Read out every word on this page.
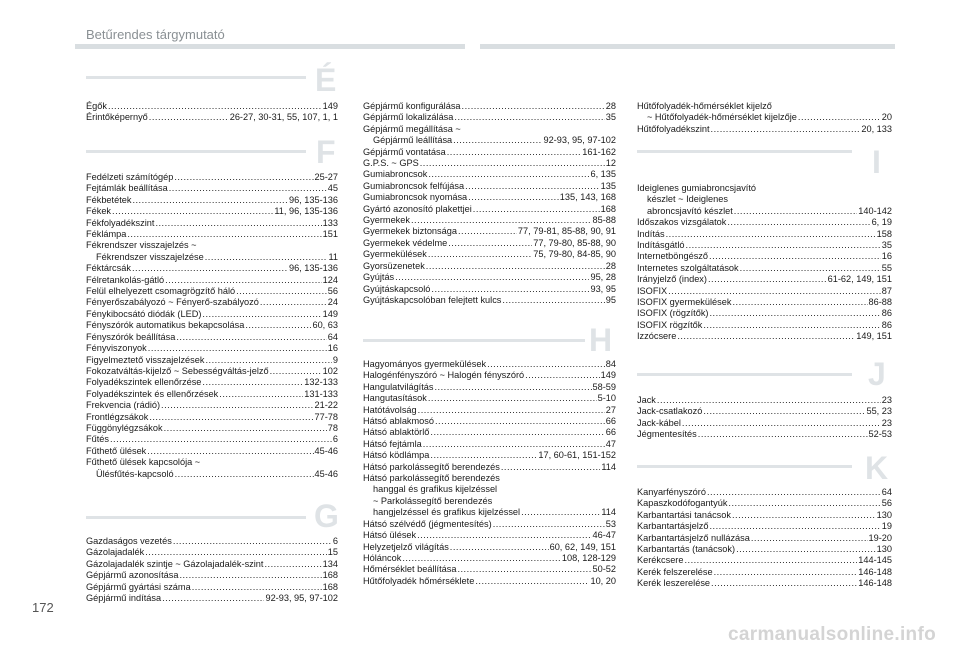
Betűrendes tárgymutató
É
Égők .....	149
Érintőképernyő .....	26-27, 30-31, 55, 107, 1, 1
F
Fedélzeti számítógép .....	25-27
Fejtámlák beállítása .....	45
Fékbetétek .....	96, 135-136
Fékek .....	11, 96, 135-136
Fékfolyadékszint .....	133
Féklámpa .....	151
Fékrendszer visszajelzés ~
Fékrendszer visszajelzése .....	11
Féktárcsák .....	96, 135-136
Félretankolás-gátló .....	124
Felül elhelyezett csomagrögzítő háló .....	56
Fényerőszabályozó ~ Fényerő-szabályozó .....	24
Fénykibocsátó diódák (LED) .....	149
Fényszórók automatikus bekapcsolása .....	60, 63
Fényszórók beállítása .....	64
Fényviszonyok .....	16
Figyelmeztető visszajelzések .....	9
Fokozatváltás-kijelző ~ Sebességváltás-jelző .....	102
Folyadékszintek ellenőrzése .....	132-133
Folyadékszintek és ellenőrzések .....	131-133
Frekvencia (rádió) .....	21-22
Frontlégzsákok .....	77-78
Függönylégzsákok .....	78
Fűtés .....	6
Fűthető ülések .....	45-46
Fűthető ülések kapcsolója ~
Ülésfűtés-kapcsoló .....	45-46
G
Gazdaságos vezetés .....	6
Gázolajadalék .....	15
Gázolajadalék szintje ~ Gázolajadalék-szint .....	134
Gépjármű azonosítása .....	168
Gépjármű gyártási száma .....	168
Gépjármű indítása .....	92-93, 95, 97-102
Gépjármű konfigurálása .....	28
Gépjármű lokalizálása .....	35
Gépjármű megállítása ~
Gépjármű leállítása .....	92-93, 95, 97-102
Gépjármű vontatása .....	161-162
G.P.S. ~ GPS .....	12
Gumiabroncsok .....	6, 135
Gumiabroncsok felfújása .....	135
Gumiabroncsok nyomása .....	135, 143, 168
Gyártó azonosító plakettjei .....	168
Gyermekek .....	85-88
Gyermekek biztonsága .....	77, 79-81, 85-88, 90, 91
Gyermekek védelme .....	77, 79-80, 85-88, 90
Gyermekülések .....	75, 79-80, 84-85, 90
Gyorsüzenetek .....	28
Gyújtás .....	95, 28
Gyújtáskapcsoló .....	93, 95
Gyújtáskapcsolóban felejtett kulcs .....	95
H
Hagyományos gyermekülések .....	84
Halogénfényszóró ~ Halogén fényszóró .....	149
Hangulatvilágítás .....	58-59
Hangutasítások .....	5-10
Hatótávolság .....	27
Hátsó ablakmosó .....	66
Hátsó ablaktörlő .....	66
Hátsó fejtámla .....	47
Hátsó ködlámpa .....	17, 60-61, 151-152
Hátsó parkolássegítő berendezés .....	114
Hátsó parkolássegítő berendezés
hanggal és grafikus kijelzéssel
~ Parkolássegítő berendezés
hangjelzéssel és grafikus kijelzéssel .....	114
Hátsó szélvédő (jégmentesítés) .....	53
Hátsó ülések .....	46-47
Helyzetjelző világítás .....	60, 62, 149, 151
Hóláncok .....	108, 128-129
Hőmérséklet beállítása .....	50-52
Hűtőfolyadék hőmérséklete .....	10, 20
Hűtőfolyadék-hőmérséklet kijelző
~ Hűtőfolyadék-hőmérséklet kijelzője .....	20
Hűtőfolyadékszint .....	20, 133
I
Ideiglenes gumiabroncsjavító
készlet ~ Ideiglenes
abroncsjavító készlet .....	140-142
Időszakos vizsgálatok .....	6, 19
Indítás .....	158
Indításgátló .....	35
Internetböngésző .....	16
Internetes szolgáltatások .....	55
Irányjelző (index) .....	61-62, 149, 151
ISOFIX .....	87
ISOFIX gyermekülések .....	86-88
ISOFIX (rögzítők) .....	86
ISOFIX rögzítők .....	86
Izzócsere .....	149, 151
J
Jack .....	23
Jack-csatlakozó .....	55, 23
Jack-kábel .....	23
Jégmentesítés .....	52-53
K
Kanyarfényszóró .....	64
Kapaszkodófogantyúk .....	56
Karbantartási tanácsok .....	130
Karbantartásjelző .....	19
Karbantartásjelző nullázása .....	19-20
Karbantartás (tanácsok) .....	130
Kerékcsere .....	144-145
Kerék felszerelése .....	146-148
Kerék leszerelése .....	146-148
172
carmanualsonline.info
